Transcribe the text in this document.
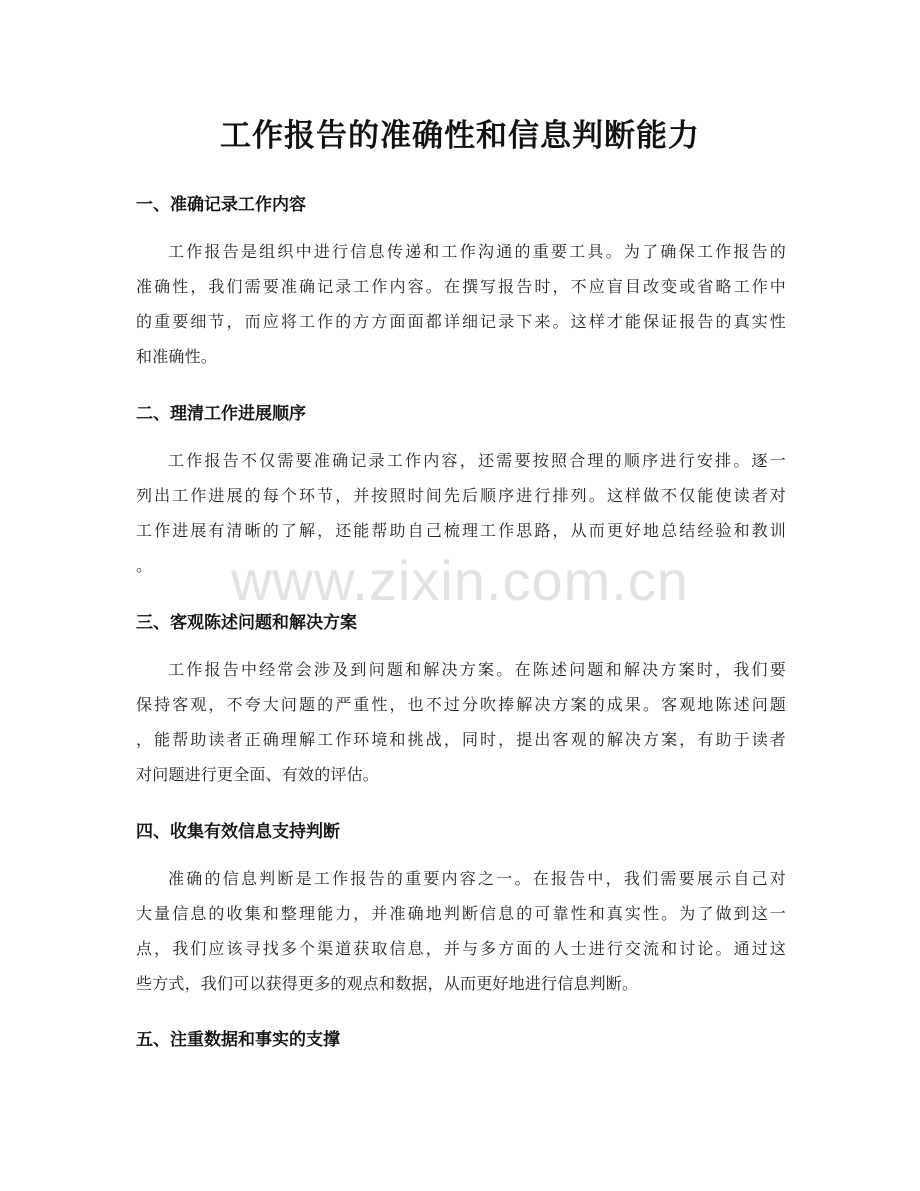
工作报告的准确性和信息判断能力
www.zixin.com.cn
一、准确记录工作内容
工作报告是组织中进行信息传递和工作沟通的重要工具。为了确保工作报告的
准确性，我们需要准确记录工作内容。在撰写报告时，不应盲目改变或省略工作中
的重要细节，而应将工作的方方面面都详细记录下来。这样才能保证报告的真实性
和准确性。
二、理清工作进展顺序
工作报告不仅需要准确记录工作内容，还需要按照合理的顺序进行安排。逐一
列出工作进展的每个环节，并按照时间先后顺序进行排列。这样做不仅能使读者对
工作进展有清晰的了解，还能帮助自己梳理工作思路，从而更好地总结经验和教训
。
三、客观陈述问题和解决方案
工作报告中经常会涉及到问题和解决方案。在陈述问题和解决方案时，我们要
保持客观，不夸大问题的严重性，也不过分吹捧解决方案的成果。客观地陈述问题
，能帮助读者正确理解工作环境和挑战，同时，提出客观的解决方案，有助于读者
对问题进行更全面、有效的评估。
四、收集有效信息支持判断
准确的信息判断是工作报告的重要内容之一。在报告中，我们需要展示自己对
大量信息的收集和整理能力，并准确地判断信息的可靠性和真实性。为了做到这一
点，我们应该寻找多个渠道获取信息，并与多方面的人士进行交流和讨论。通过这
些方式，我们可以获得更多的观点和数据，从而更好地进行信息判断。
五、注重数据和事实的支撑
